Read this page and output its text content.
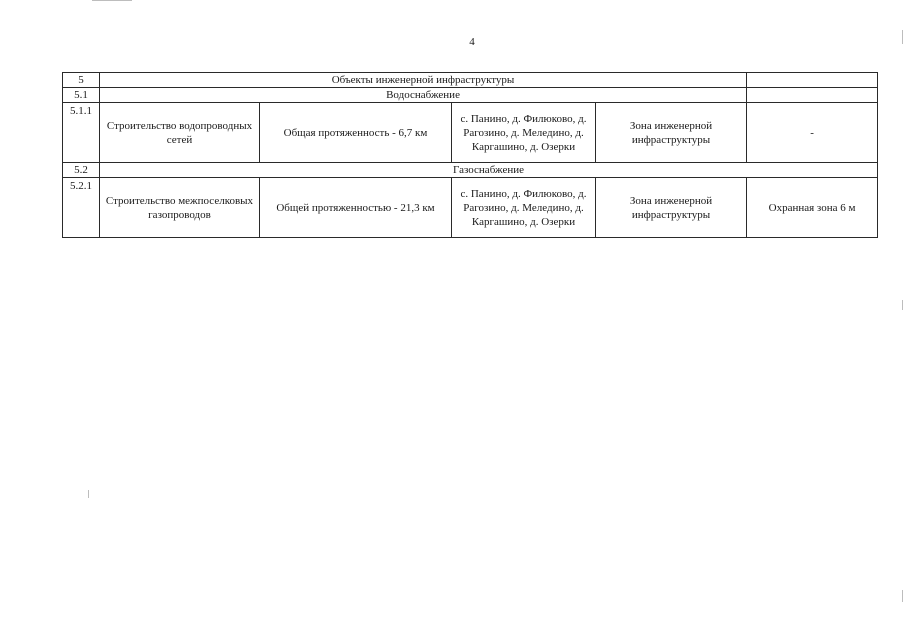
4
5	Объекты инженерной инфраструктуры				
5.1	Водоснабжение				
5.1.1	Строительство водопроводных сетей	Общая протяженность - 6,7 км	с. Панино, д. Филюково, д. Рагозино, д. Меледино, д. Каргашино, д. Озерки	Зона инженерной инфраструктуры	-
5.2	Газоснабжение				
5.2.1	Строительство межпоселковых газопроводов	Общей протяженностью - 21,3 км	с. Панино, д. Филюково, д. Рагозино, д. Меледино, д. Каргашино, д. Озерки	Зона инженерной инфраструктуры	Охранная зона 6 м
